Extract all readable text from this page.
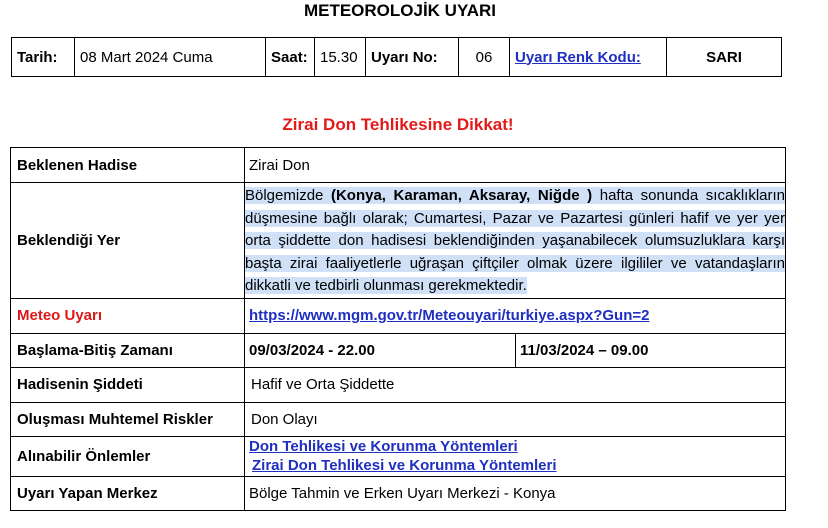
METEOROLOJİK UYARI
Tarih:	08 Mart 2024 Cuma	Saat:	15.30	Uyarı No:	06	Uyarı Renk Kodu:	SARI
Zirai Don Tehlikesine Dikkat!
Beklenen Hadise	Zirai Don	
Beklendiği Yer	Bölgemizde (Konya, Karaman, Aksaray, Niğde ) hafta sonunda sıcaklıkların düşmesine bağlı olarak; Cumartesi, Pazar ve Pazartesi günleri hafif ve yer yer orta şiddette don hadisesi beklendiğinden yaşanabilecek olumsuzluklara karşı başta zirai faaliyetlerle uğraşan çiftçiler olmak üzere ilgililer ve vatandaşların dikkatli ve tedbirli olunması gerekmektedir.	

Meteo Uyarı	https://www.mgm.gov.tr/Meteouyari/turkiye.aspx?Gun=2	
Başlama-Bitiş Zamanı	09/03/2024 - 22.00	11/03/2024 – 09.00
Hadisenin Şiddeti	Hafif ve Orta Şiddette	
Oluşması Muhtemel Riskler	Don Olayı	
Alınabilir Önlemler	Don Tehlikesi ve Korunma Yöntemleri
Zirai Don Tehlikesi ve Korunma Yöntemleri	

Uyarı Yapan Merkez	Bölge Tahmin ve Erken Uyarı Merkezi - Konya	
